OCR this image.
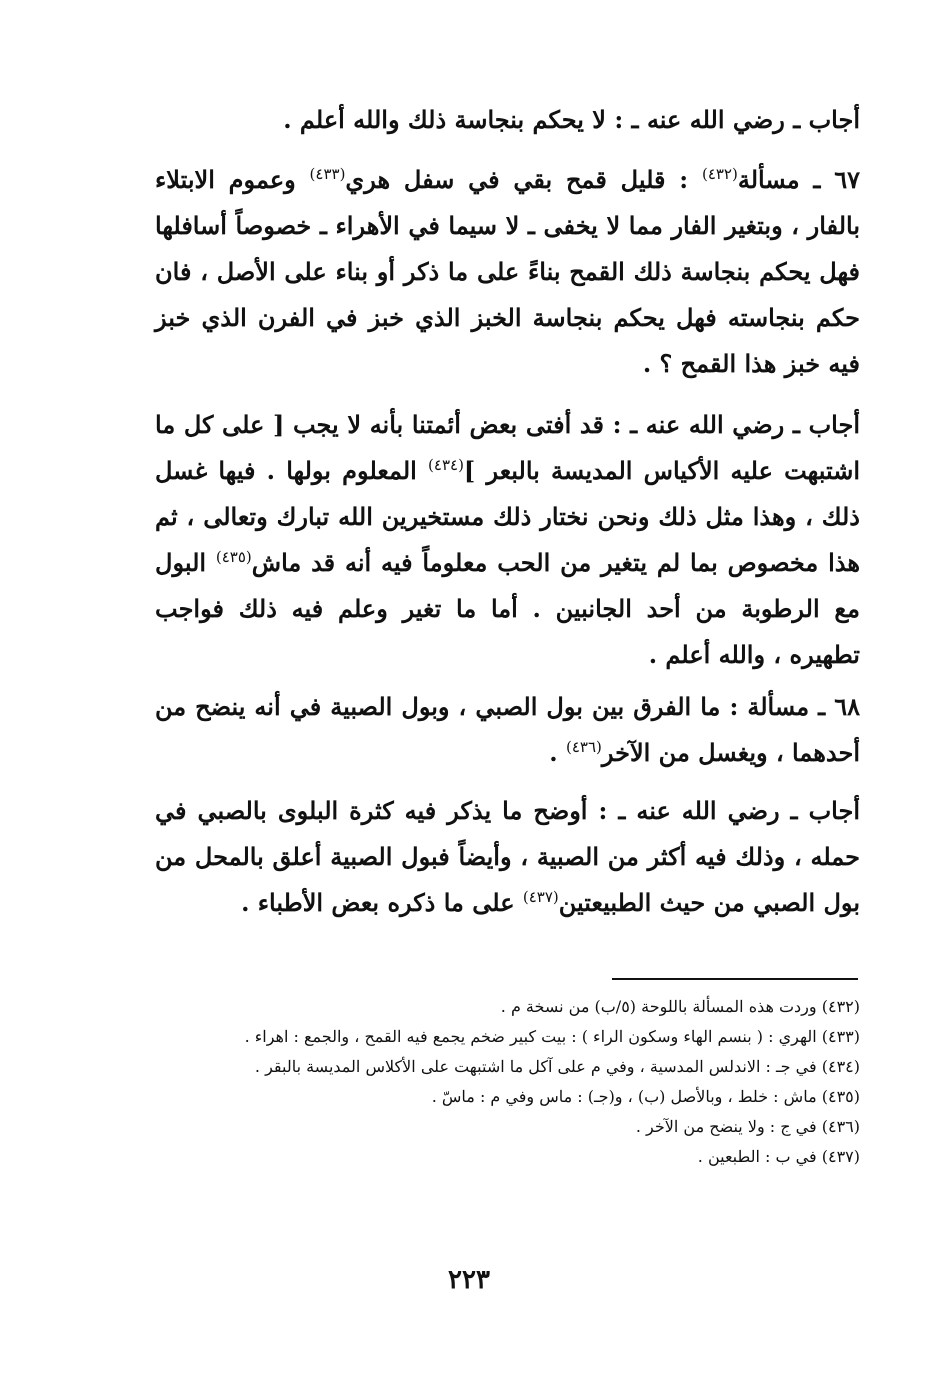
أجاب ـ رضي الله عنه ـ : لا يحكم بنجاسة ذلك والله أعلم .

٦٧ ـ مسألة$^{(٤٣٢)}$ : قليل قمح بقي في سفل هري$^{(٤٣٣)}$ وعموم الابتلاء بالفار ، وبتغير الفار مما لا يخفى ـ لا سيما في الأهراء ـ خصوصاً أسافلها فهل يحكم بنجاسة ذلك القمح بناءً على ما ذكر أو بناء على الأصل ، فان حكم بنجاسته فهل يحكم بنجاسة الخبز الذي خبز في الفرن الذي خبز فيه خبز هذا القمح ؟ .

أجاب ـ رضي الله عنه ـ : قد أفتى بعض أئمتنا بأنه لا يجب [ على كل ما اشتبهت عليه الأكياس المديسة بالبعر ]$^{(٤٣٤)}$ المعلوم بولها . فيها غسل ذلك ، وهذا مثل ذلك ونحن نختار ذلك مستخيرين الله تبارك وتعالى ، ثم هذا مخصوص بما لم يتغير من الحب معلوماً فيه أنه قد ماش$^{(٤٣٥)}$ البول مع الرطوبة من أحد الجانبين . أما ما تغير وعلم فيه ذلك فواجب تطهيره ، والله أعلم .

٦٨ ـ مسألة : ما الفرق بين بول الصبي ، وبول الصبية في أنه ينضح من أحدهما ، ويغسل من الآخر$^{(٤٣٦)}$ .

أجاب ـ رضي الله عنه ـ : أوضح ما يذكر فيه كثرة البلوى بالصبي في حمله ، وذلك فيه أكثر من الصبية ، وأيضاً فبول الصبية أعلق بالمحل من بول الصبي من حيث الطبيعتين$^{(٤٣٧)}$ على ما ذكره بعض الأطباء .

(٤٣٢) وردت هذه المسألة باللوحة (٥/ب) من نسخة م .

(٤٣٣) الهري : ( بنسم الهاء وسكون الراء ) : بيت كبير ضخم يجمع فيه القمح ، والجمع : اهراء .

(٤٣٤) في جـ : الاندلس المدسية ، وفي م على آكل ما اشتبهت على الأكلاس المديسة بالبقر .

(٤٣٥) ماش : خلط ، وبالأصل (ب) ، و(جـ) : ماس وفي م : ماسّ .

(٤٣٦) في ج : ولا ينضح من الآخر .

(٤٣٧) في ب : الطبعين .

٢٢٣
